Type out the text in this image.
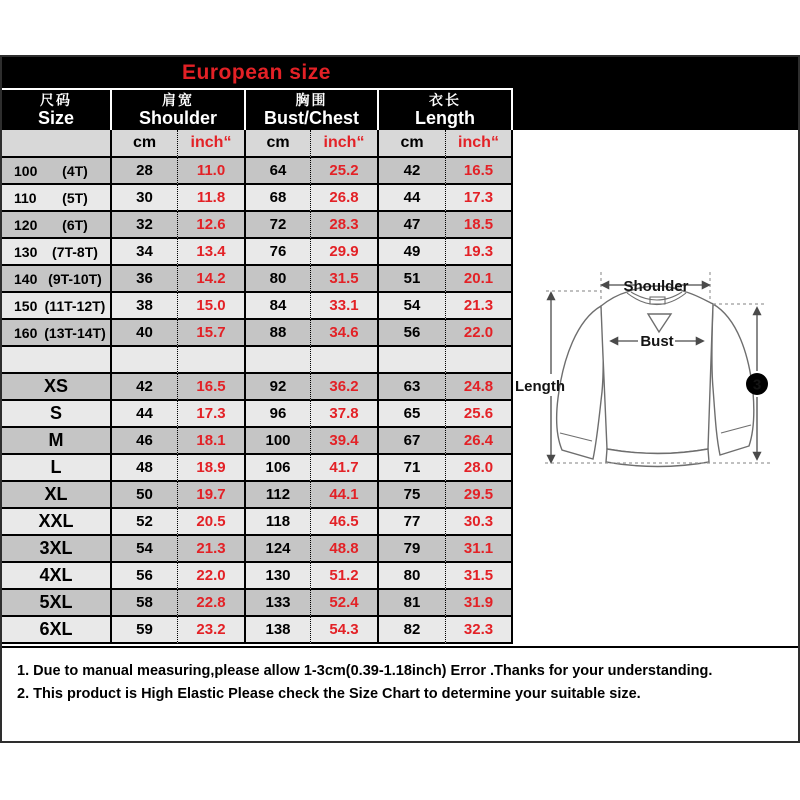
European size
尺码
Size
肩宽
Shoulder
胸围
Bust/Chest
衣长
Length
cm	inch“	cm	inch“	cm	inch“
100	(4T)	28	11.0	64	25.2	42	16.5
110	(5T)	30	11.8	68	26.8	44	17.3
120	(6T)	32	12.6	72	28.3	47	18.5
130	(7T-8T)	34	13.4	76	29.9	49	19.3
140 (9T-10T)	36	14.2	80	31.5	51	20.1
150 (11T-12T)	38	15.0	84	33.1	54	21.3
160 (13T-14T)	40	15.7	88	34.6	56	22.0
XS	42	16.5	92	36.2	63	24.8
S	44	17.3	96	37.8	65	25.6
M	46	18.1	100	39.4	67	26.4
L	48	18.9	106	41.7	71	28.0
XL	50	19.7	112	44.1	75	29.5
XXL	52	20.5	118	46.5	77	30.3
3XL	54	21.3	124	48.8	79	31.1
4XL	56	22.0	130	51.2	80	31.5
5XL	58	22.8	133	52.4	81	31.9
6XL	59	23.2	138	54.3	82	32.3
Shoulder
Bust
Length	3
1. Due to manual measuring,please allow 1-3cm(0.39-1.18inch) Error .Thanks for your understanding.
2. This product is High Elastic Please check the Size Chart to determine your suitable size.
